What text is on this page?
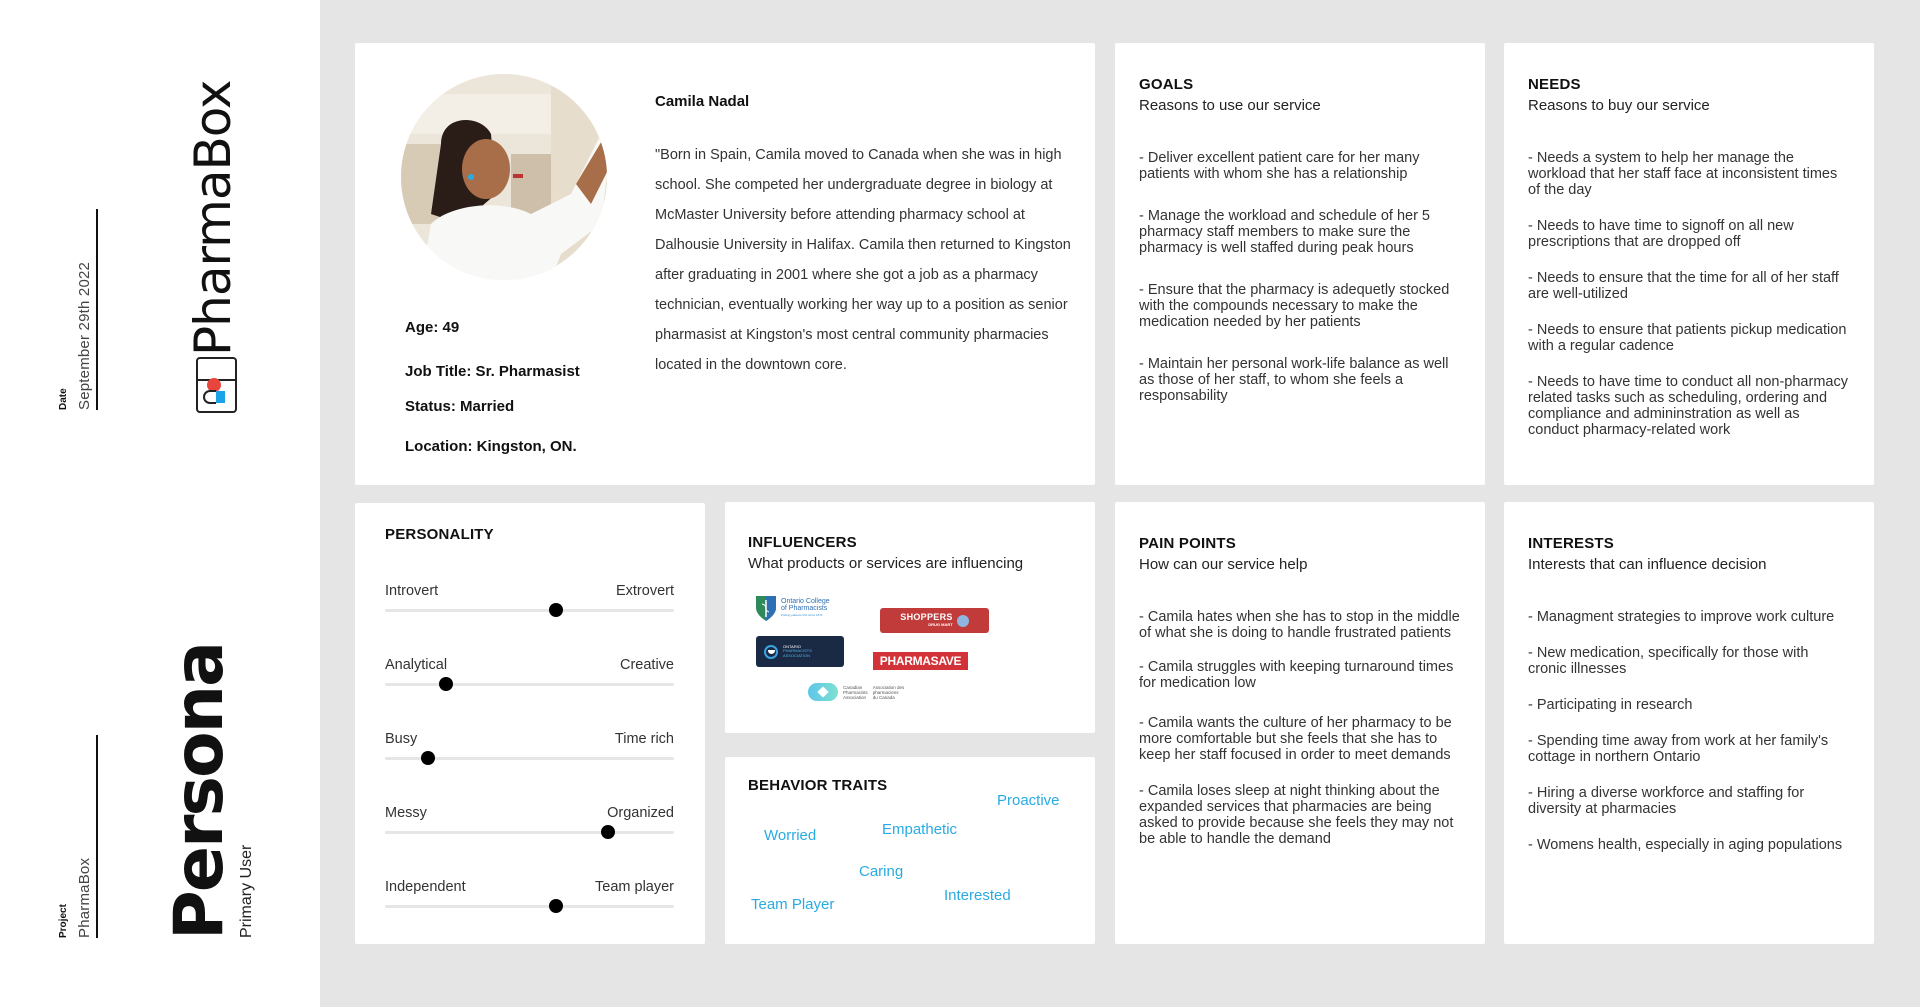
Date September 29th 2022 PharmaBox
Project PharmaBox Persona Primary User
Age: 49
Job Title: Sr. Pharmasist
Status: Married
Location: Kingston, ON.
Camila Nadal
"Born in Spain, Camila moved to Canada when she was in high school. She competed her undergraduate degree in biology at McMaster University before attending pharmacy school at Dalhousie University in Halifax. Camila then returned to Kingston after graduating in 2001 where she got a job as a pharmacy technician, eventually working her way up to a position as senior pharmasist at Kingston's most central community pharmacies located in the downtown core.
GOALS
Reasons to use our service
- Deliver excellent patient care for her many patients with whom she has a relationship
- Manage the workload and schedule of her 5 pharmacy staff members to make sure the pharmacy is well staffed during peak hours
- Ensure that the pharmacy is adequetly stocked with the compounds necessary to make the medication needed by her patients
- Maintain her personal work-life balance as well as those of her staff, to whom she feels a responsability
NEEDS
Reasons to buy our service
- Needs a system to help her manage the workload that her staff face at inconsistent times of the day
- Needs to have time to signoff on all new prescriptions that are dropped off
- Needs to ensure that the time for all of her staff are well-utilized
- Needs to ensure that patients pickup medication with a regular cadence
- Needs to have time to conduct all non-pharmacy related tasks such as scheduling, ordering and compliance and admininstration as well as conduct pharmacy-related work
PERSONALITY
Introvert	Extrovert
Analytical	Creative
Busy	Time rich
Messy	Organized
Independent	Team player
INFLUENCERS
What products or services are influencing
Ontario College
of Pharmacists
Putting patients first since 1871	SHOPPERS
DRUG MART
ONTARIO
PHARMACISTS
ASSOCIATION	PHARMASAVE
Canadian
Pharmacists
Association
Association des
pharmaciens
du Canada
BEHAVIOR TRAITS
Proactive
Worried	Empathetic
Caring
Team Player
Interested
PAIN POINTS
How can our service help
- Camila hates when she has to stop in the middle of what she is doing to handle frustrated patients
- Camila struggles with keeping turnaround times for medication low
- Camila wants the culture of her pharmacy to be more comfortable but she feels that she has to keep her staff focused in order to meet demands
- Camila loses sleep at night thinking about the expanded services that pharmacies are being asked to provide because she feels they may not be able to handle the demand
INTERESTS
Interests that can influence decision
- Managment strategies to improve work culture
- New medication, specifically for those with cronic illnesses
- Participating in research
- Spending time away from work at her family's cottage in northern Ontario
- Hiring a diverse workforce and staffing for diversity at pharmacies
- Womens health, especially in aging populations
